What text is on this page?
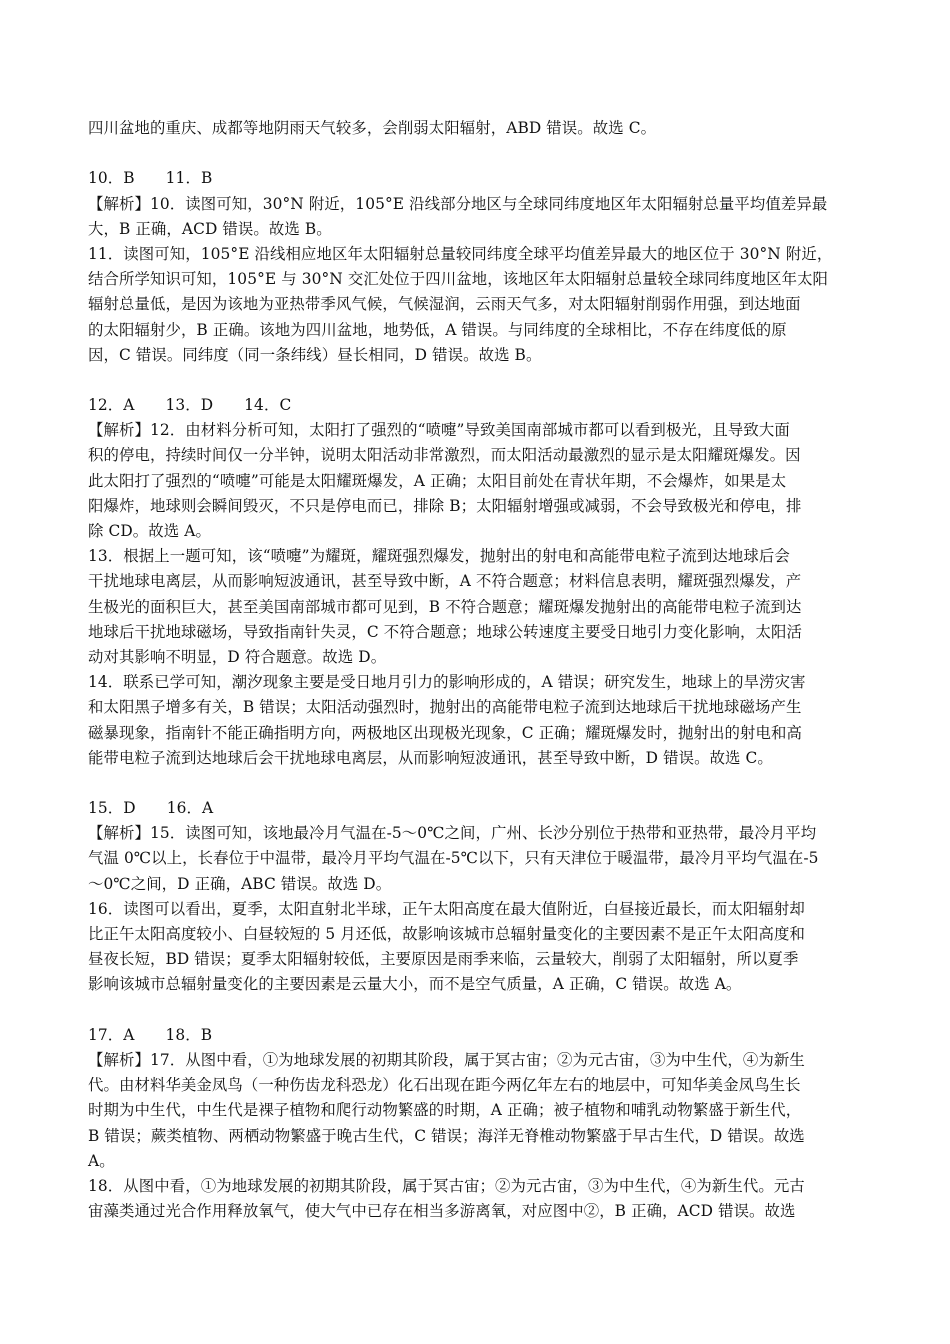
四川盆地的重庆、成都等地阴雨天气较多，会削弱太阳辐射，ABD 错误。故选 C。
10．B　　11．B
【解析】10．读图可知，30°N 附近，105°E 沿线部分地区与全球同纬度地区年太阳辐射总量平均值差异最
大，B 正确，ACD 错误。故选 B。
11．读图可知，105°E 沿线相应地区年太阳辐射总量较同纬度全球平均值差异最大的地区位于 30°N 附近，
结合所学知识可知，105°E 与 30°N 交汇处位于四川盆地，该地区年太阳辐射总量较全球同纬度地区年太阳
辐射总量低，是因为该地为亚热带季风气候，气候湿润，云雨天气多，对太阳辐射削弱作用强，到达地面
的太阳辐射少，B 正确。该地为四川盆地，地势低，A 错误。与同纬度的全球相比，不存在纬度低的原
因，C 错误。同纬度（同一条纬线）昼长相同，D 错误。故选 B。
12．A　　13．D　　14．C
【解析】12．由材料分析可知，太阳打了强烈的“喷嚏”导致美国南部城市都可以看到极光，且导致大面
积的停电，持续时间仅一分半钟，说明太阳活动非常激烈，而太阳活动最激烈的显示是太阳耀斑爆发。因
此太阳打了强烈的“喷嚏”可能是太阳耀斑爆发，A 正确；太阳目前处在青状年期，不会爆炸，如果是太
阳爆炸，地球则会瞬间毁灭，不只是停电而已，排除 B；太阳辐射增强或减弱，不会导致极光和停电，排
除 CD。故选 A。
13．根据上一题可知，该“喷嚏”为耀斑，耀斑强烈爆发，抛射出的射电和高能带电粒子流到达地球后会
干扰地球电离层，从而影响短波通讯，甚至导致中断，A 不符合题意；材料信息表明，耀斑强烈爆发，产
生极光的面积巨大，甚至美国南部城市都可见到，B 不符合题意；耀斑爆发抛射出的高能带电粒子流到达
地球后干扰地球磁场，导致指南针失灵，C 不符合题意；地球公转速度主要受日地引力变化影响，太阳活
动对其影响不明显，D 符合题意。故选 D。
14．联系已学可知，潮汐现象主要是受日地月引力的影响形成的，A 错误；研究发生，地球上的旱涝灾害
和太阳黑子增多有关，B 错误；太阳活动强烈时，抛射出的高能带电粒子流到达地球后干扰地球磁场产生
磁暴现象，指南针不能正确指明方向，两极地区出现极光现象，C 正确；耀斑爆发时，抛射出的射电和高
能带电粒子流到达地球后会干扰地球电离层，从而影响短波通讯，甚至导致中断，D 错误。故选 C。
15．D　　16．A
【解析】15．读图可知，该地最冷月气温在-5～0℃之间，广州、长沙分别位于热带和亚热带，最冷月平均
气温 0℃以上，长春位于中温带，最冷月平均气温在-5℃以下，只有天津位于暖温带，最冷月平均气温在-5
～0℃之间，D 正确，ABC 错误。故选 D。
16．读图可以看出，夏季，太阳直射北半球，正午太阳高度在最大值附近，白昼接近最长，而太阳辐射却
比正午太阳高度较小、白昼较短的 5 月还低，故影响该城市总辐射量变化的主要因素不是正午太阳高度和
昼夜长短，BD 错误；夏季太阳辐射较低，主要原因是雨季来临，云量较大，削弱了太阳辐射，所以夏季
影响该城市总辐射量变化的主要因素是云量大小，而不是空气质量，A 正确，C 错误。故选 A。
17．A　　18．B
【解析】17．从图中看，①为地球发展的初期其阶段，属于冥古宙；②为元古宙，③为中生代，④为新生
代。由材料华美金凤鸟（一种伤齿龙科恐龙）化石出现在距今两亿年左右的地层中，可知华美金凤鸟生长
时期为中生代，中生代是裸子植物和爬行动物繁盛的时期，A 正确；被子植物和哺乳动物繁盛于新生代，
B 错误；蕨类植物、两栖动物繁盛于晚古生代，C 错误；海洋无脊椎动物繁盛于早古生代，D 错误。故选
A。
18．从图中看，①为地球发展的初期其阶段，属于冥古宙；②为元古宙，③为中生代，④为新生代。元古
宙藻类通过光合作用释放氧气，使大气中已存在相当多游离氧，对应图中②，B 正确，ACD 错误。故选
